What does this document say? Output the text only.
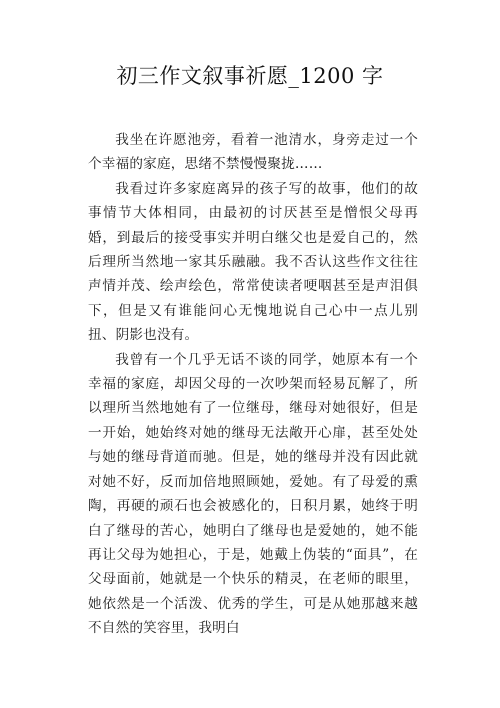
初三作文叙事祈愿_1200 字

我坐在许愿池旁，看着一池清水，身旁走过一个个幸福的家庭，思绪不禁慢慢聚拢……

我看过许多家庭离异的孩子写的故事，他们的故事情节大体相同，由最初的讨厌甚至是憎恨父母再婚，到最后的接受事实并明白继父也是爱自己的，然后理所当然地一家其乐融融。我不否认这些作文往往声情并茂、绘声绘色，常常使读者哽咽甚至是声泪俱下，但是又有谁能问心无愧地说自己心中一点儿别扭、阴影也没有。

我曾有一个几乎无话不谈的同学，她原本有一个幸福的家庭，却因父母的一次吵架而轻易瓦解了，所以理所当然地她有了一位继母，继母对她很好，但是一开始，她始终对她的继母无法敞开心扉，甚至处处与她的继母背道而驰。但是，她的继母并没有因此就对她不好，反而加倍地照顾她，爱她。有了母爱的熏陶，再硬的顽石也会被感化的，日积月累，她终于明白了继母的苦心，她明白了继母也是爱她的，她不能再让父母为她担心，于是，她戴上伪装的“面具”，在父母面前，她就是一个快乐的精灵，在老师的眼里，她依然是一个活泼、优秀的学生，可是从她那越来越不自然的笑容里，我明白
